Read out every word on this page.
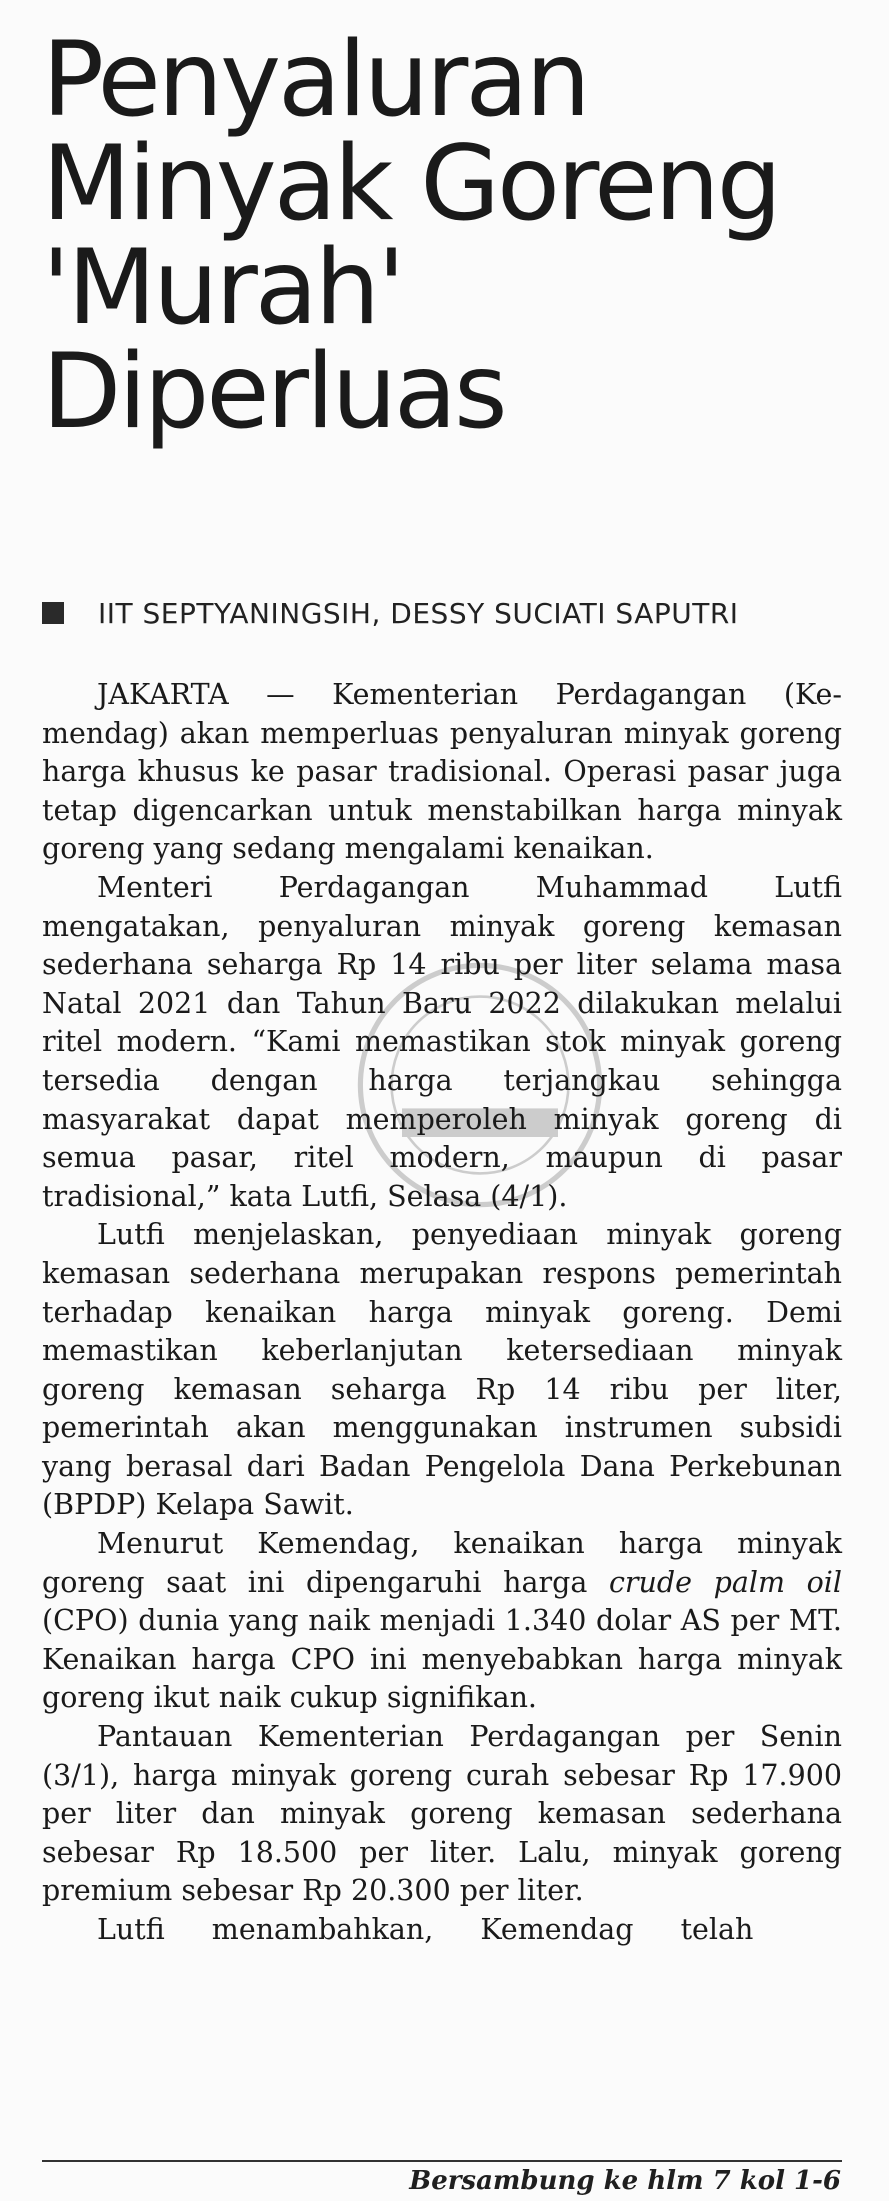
Penyaluran
Minyak Goreng
'Murah'
Diperluas
IIT SEPTYANINGSIH, DESSY SUCIATI SAPUTRI

JAKARTA — Kementerian Perdagangan (Kemendag) akan memperluas penyaluran minyak goreng harga khusus ke pasar tradisional. Operasi pasar juga tetap digencarkan untuk menstabilkan harga minyak goreng yang sedang mengalami kenaikan.

Menteri Perdagangan Muhammad Lutfi mengatakan, penyaluran minyak goreng kemasan sederhana seharga Rp 14 ribu per liter selama masa Natal 2021 dan Tahun Baru 2022 dilakukan melalui ritel modern. “Kami memastikan stok minyak goreng tersedia dengan harga terjangkau sehingga masyarakat dapat memperoleh minyak goreng di semua pasar, ritel modern, maupun di pasar tradisional,” kata Lutfi, Selasa (4/1).

Lutfi menjelaskan, penyediaan minyak goreng kemasan sederhana merupakan respons pemerintah terhadap kenaikan harga minyak goreng. Demi memastikan keberlanjutan ketersediaan minyak goreng kemasan seharga Rp 14 ribu per liter, pemerintah akan menggunakan instrumen subsidi yang berasal dari Badan Pengelola Dana Perkebunan (BPDP) Kelapa Sawit.

Menurut Kemendag, kenaikan harga minyak goreng saat ini dipengaruhi harga crude palm oil (CPO) dunia yang naik menjadi 1.340 dolar AS per MT. Kenaikan harga CPO ini menyebabkan harga minyak goreng ikut naik cukup signifikan.

Pantauan Kementerian Perdagangan per Senin (3/1), harga minyak goreng curah sebesar Rp 17.900 per liter dan minyak goreng kemasan sederhana sebesar Rp 18.500 per liter. Lalu, minyak goreng premium sebesar Rp 20.300 per liter.

Lutfi menambahkan, Kemendag telah

Bersambung ke hlm 7 kol 1-6
